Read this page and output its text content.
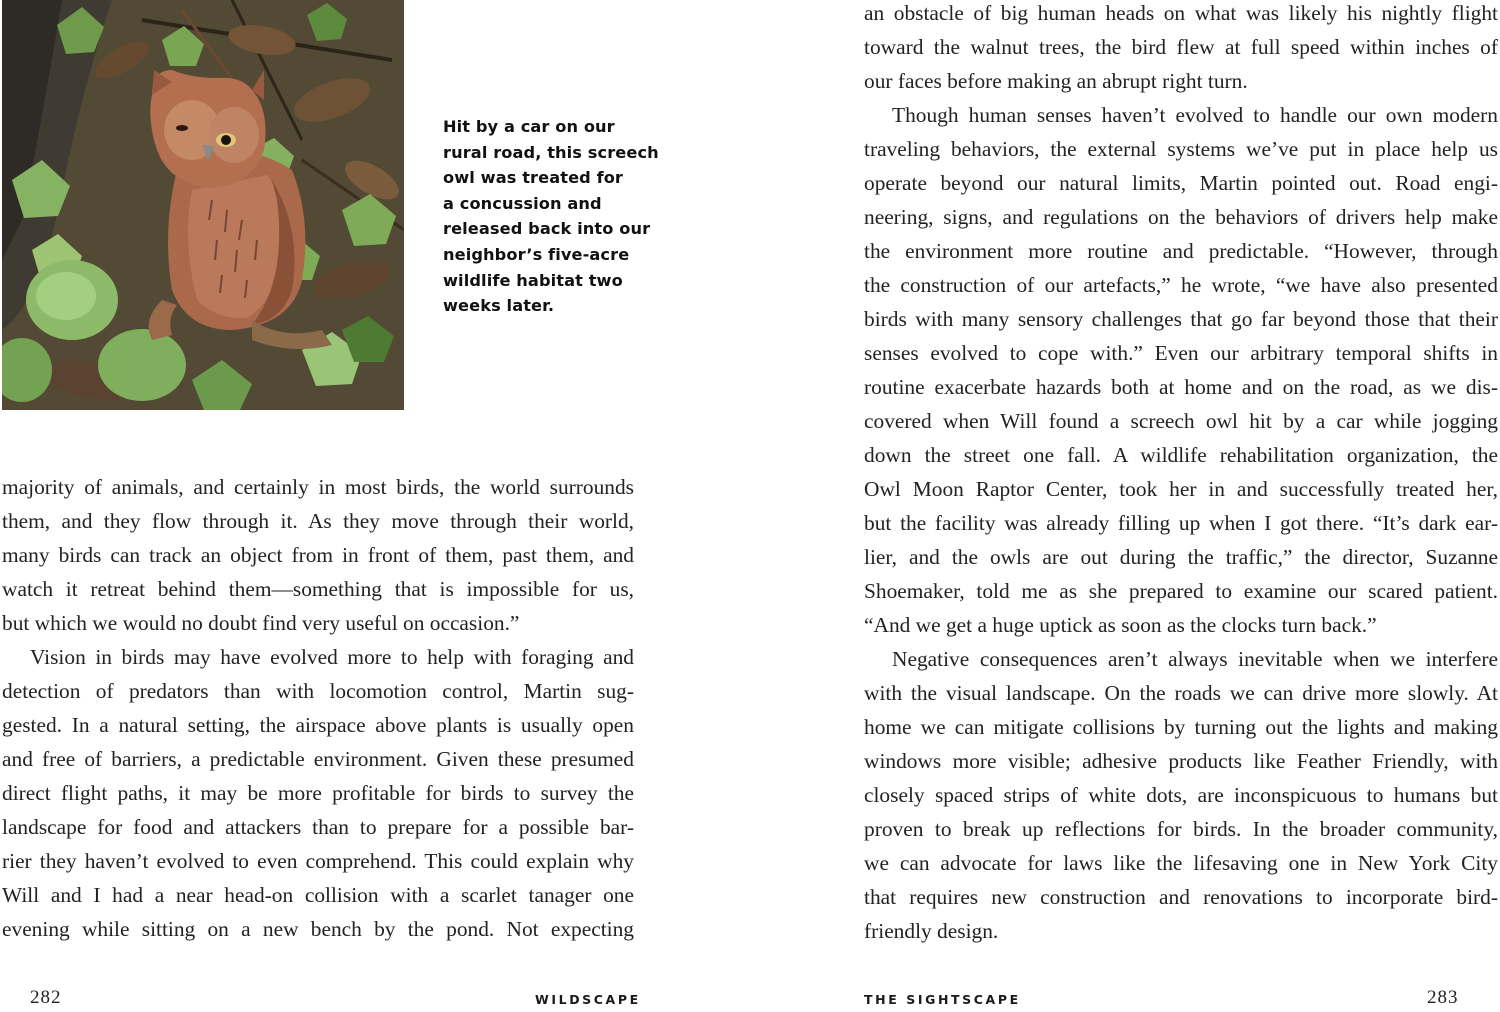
Hit by a car on our
rural road, this screech
owl was treated for
a concussion and
released back into our
neighbor’s five-acre
wildlife habitat two
weeks later.
majority of animals, and certainly in most birds, the world surrounds
them, and they flow through it. As they move through their world,
many birds can track an object from in front of them, past them, and
watch it retreat behind them—something that is impossible for us,
but which we would no doubt find very useful on occasion.”
Vision in birds may have evolved more to help with foraging and
detection of predators than with locomotion control, Martin sug-
gested. In a natural setting, the airspace above plants is usually open
and free of barriers, a predictable environment. Given these presumed
direct flight paths, it may be more profitable for birds to survey the
landscape for food and attackers than to prepare for a possible bar-
rier they haven’t evolved to even comprehend. This could explain why
Will and I had a near head-on collision with a scarlet tanager one
evening while sitting on a new bench by the pond. Not expecting
282	WILDSCAPE
an obstacle of big human heads on what was likely his nightly flight
toward the walnut trees, the bird flew at full speed within inches of
our faces before making an abrupt right turn.
Though human senses haven’t evolved to handle our own modern
traveling behaviors, the external systems we’ve put in place help us
operate beyond our natural limits, Martin pointed out. Road engi-
neering, signs, and regulations on the behaviors of drivers help make
the environment more routine and predictable. “However, through
the construction of our artefacts,” he wrote, “we have also presented
birds with many sensory challenges that go far beyond those that their
senses evolved to cope with.” Even our arbitrary temporal shifts in
routine exacerbate hazards both at home and on the road, as we dis-
covered when Will found a screech owl hit by a car while jogging
down the street one fall. A wildlife rehabilitation organization, the
Owl Moon Raptor Center, took her in and successfully treated her,
but the facility was already filling up when I got there. “It’s dark ear-
lier, and the owls are out during the traffic,” the director, Suzanne
Shoemaker, told me as she prepared to examine our scared patient.
“And we get a huge uptick as soon as the clocks turn back.”
Negative consequences aren’t always inevitable when we interfere
with the visual landscape. On the roads we can drive more slowly. At
home we can mitigate collisions by turning out the lights and making
windows more visible; adhesive products like Feather Friendly, with
closely spaced strips of white dots, are inconspicuous to humans but
proven to break up reflections for birds. In the broader community,
we can advocate for laws like the lifesaving one in New York City
that requires new construction and renovations to incorporate bird-
friendly design.
THE SIGHTSCAPE	283
